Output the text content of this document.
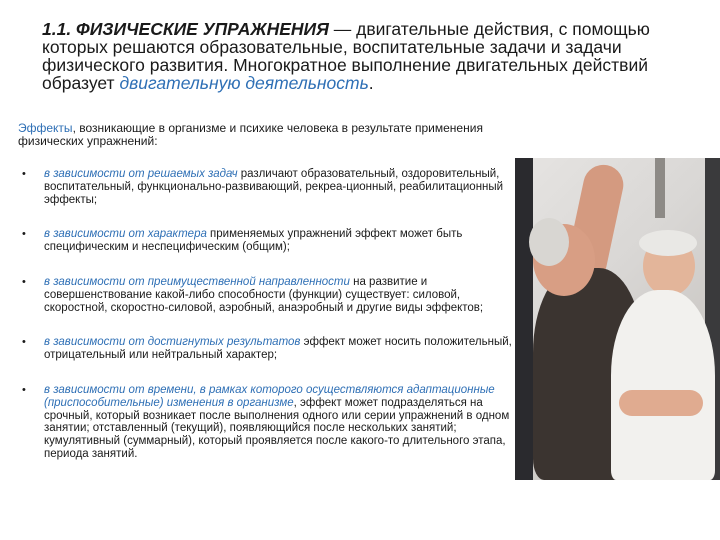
1.1. ФИЗИЧЕСКИЕ УПРАЖНЕНИЯ — двигательные действия, с помощью которых решаются образовательные, воспитательные задачи и задачи физического развития. Многократное выполнение двигательных действий образует двигательную деятельность.
Эффекты, возникающие в организме и психике человека в результате применения физических упражнений:
• в зависимости от решаемых задач различают образовательный, оздоровительный, воспитательный, функционально-развивающий, рекреа-ционный, реабилитационный эффекты;
• в зависимости от характера применяемых упражнений эффект может быть специфическим и неспецифическим (общим);
• в зависимости от преимущественной направленности на развитие и совершенствование какой-либо способности (функции) существует: силовой, скоростной, скоростно-силовой, аэробный, анаэробный и другие виды эффектов;
• в зависимости от достигнутых результатов эффект может носить положительный, отрицательный или нейтральный характер;
• в зависимости от времени, в рамках которого осуществляются адаптационные (приспособительные) изменения в организме, эффект может подразделяться на срочный, который возникает после выполнения одного или серии упражнений в одном занятии; отставленный (текущий), появляющийся после нескольких занятий; кумулятивный (суммарный), который проявляется после какого-то длительного этапа, периода занятий.
